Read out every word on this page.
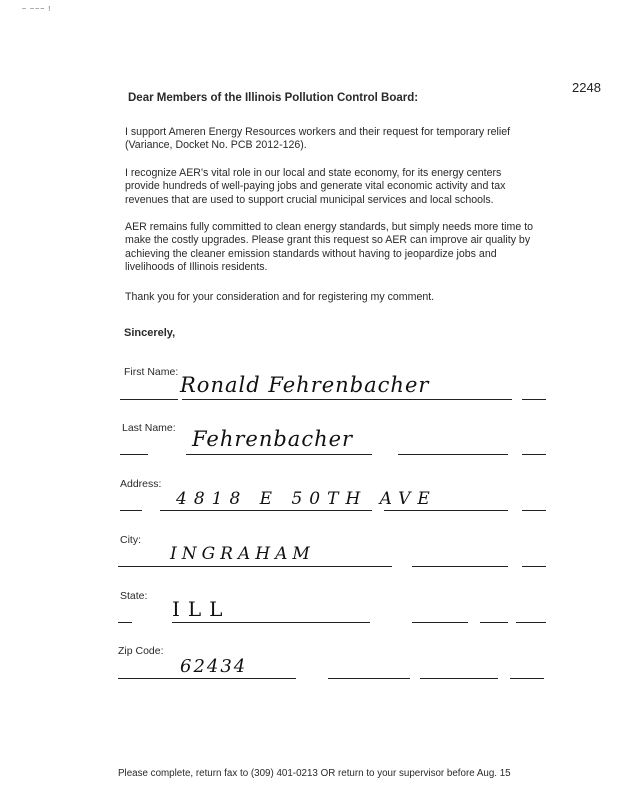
~ ~~~ !
2248
Dear Members of the Illinois Pollution Control Board:
I support Ameren Energy Resources workers and their request for temporary relief
(Variance, Docket No. PCB 2012-126).
I recognize AER's vital role in our local and state economy, for its energy centers
provide hundreds of well-paying jobs and generate vital economic activity and tax
revenues that are used to support crucial municipal services and local schools.
AER remains fully committed to clean energy standards, but simply needs more time to
make the costly upgrades. Please grant this request so AER can improve air quality by
achieving the cleaner emission standards without having to jeopardize jobs and
livelihoods of Illinois residents.
Thank you for your consideration and for registering my comment.
Sincerely,
First Name:
Ronald Fehrenbacher
Last Name: Fehrenbacher
Address:
4818 E 50TH AVE
City:
INGRAHAM
State:
ILL
Zip Code:
62434
Please complete, return fax to (309) 401-0213 OR return to your supervisor before Aug. 15
